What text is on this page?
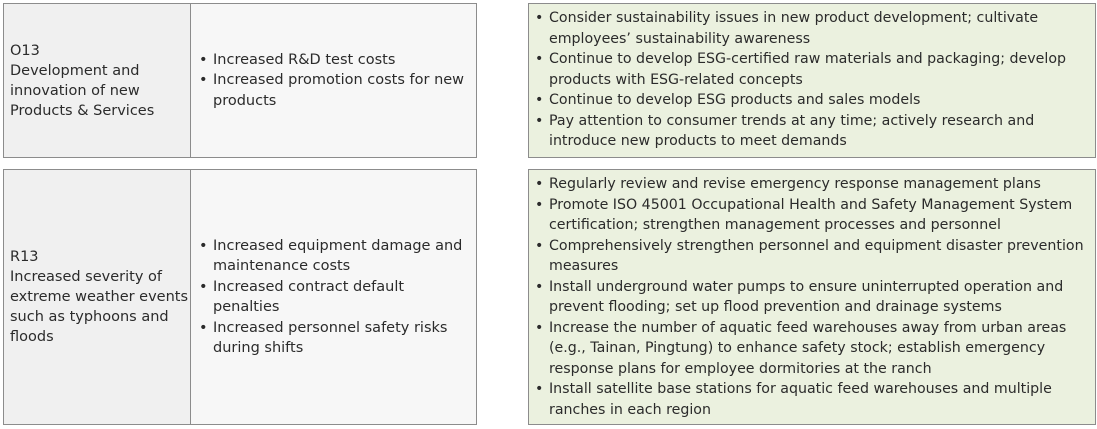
O13
Development and innovation of new Products & Services
• Increased R&D test costs
• Increased promotion costs for new products
• Consider sustainability issues in new product development; cultivate employees’ sustainability awareness
• Continue to develop ESG-certified raw materials and packaging; develop products with ESG-related concepts
• Continue to develop ESG products and sales models
• Pay attention to consumer trends at any time; actively research and introduce new products to meet demands
R13
Increased severity of extreme weather events such as typhoons and floods
• Increased equipment damage and maintenance costs
• Increased contract default penalties
• Increased personnel safety risks during shifts
• Regularly review and revise emergency response management plans
• Promote ISO 45001 Occupational Health and Safety Management System certification; strengthen management processes and personnel
• Comprehensively strengthen personnel and equipment disaster prevention measures
• Install underground water pumps to ensure uninterrupted operation and prevent flooding; set up flood prevention and drainage systems
• Increase the number of aquatic feed warehouses away from urban areas (e.g., Tainan, Pingtung) to enhance safety stock; establish emergency response plans for employee dormitories at the ranch
• Install satellite base stations for aquatic feed warehouses and multiple ranches in each region
